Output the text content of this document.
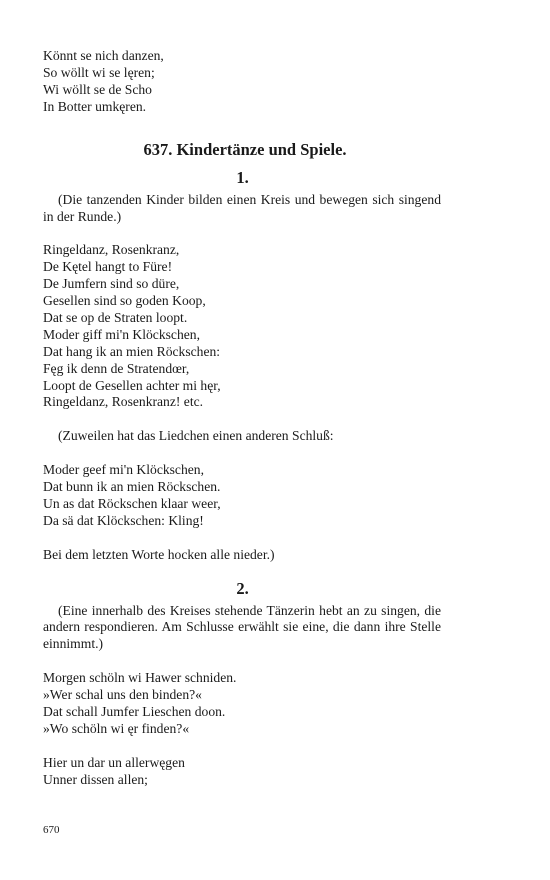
Könnt se nich danzen,
So wöllt wi se lęren;
Wi wöllt se de Scho
In Botter umkęren.
637. Kindertänze und Spiele.
1.

(Die tanzenden Kinder bilden einen Kreis und bewegen sich singend in der Runde.)

Ringeldanz, Rosenkranz,
De Kętel hangt to Füre!
De Jumfern sind so düre,
Gesellen sind so goden Koop,
Dat se op de Straten loopt.
Moder giff mi'n Klöckschen,
Dat hang ik an mien Röckschen:
Fęg ik denn de Stratendœr,
Loopt de Gesellen achter mi hęr,
Ringeldanz, Rosenkranz! etc.

(Zuweilen hat das Liedchen einen anderen Schluß:

Moder geef mi'n Klöckschen,
Dat bunn ik an mien Röckschen.
Un as dat Röckschen klaar weer,
Da sä dat Klöckschen: Kling!
Bei dem letzten Worte hocken alle nieder.)
2.

(Eine innerhalb des Kreises stehende Tänzerin hebt an zu singen, die andern respondieren. Am Schlusse erwählt sie eine, die dann ihre Stelle einnimmt.)

Morgen schöln wi Hawer schniden.
»Wer schal uns den binden?«
Dat schall Jumfer Lieschen doon.
»Wo schöln wi ęr finden?«
Hier un dar un allerwęgen
Unner dissen allen;
670
